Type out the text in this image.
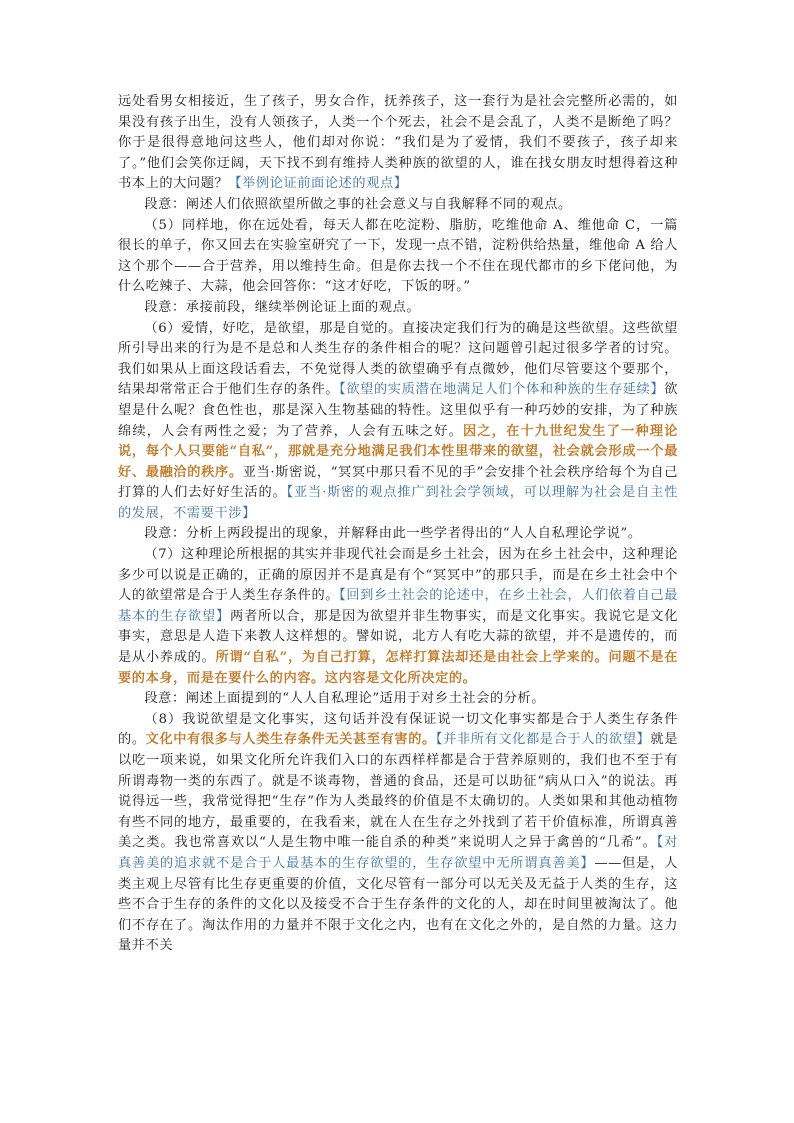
远处看男女相接近，生了孩子，男女合作，抚养孩子，这一套行为是社会完整所必需的，如果没有孩子出生，没有人领孩子，人类一个个死去，社会不是会乱了，人类不是断绝了吗？你于是很得意地问这些人，他们却对你说：“我们是为了爱情，我们不要孩子，孩子却来了。”他们会笑你迂阔，天下找不到有维持人类种族的欲望的人，谁在找女朋友时想得着这种书本上的大问题？【举例论证前面论述的观点】

段意：阐述人们依照欲望所做之事的社会意义与自我解释不同的观点。

（5）同样地，你在远处看，每天人都在吃淀粉、脂肪，吃维他命 A、维他命 C，一篇很长的单子，你又回去在实验室研究了一下，发现一点不错，淀粉供给热量，维他命 A 给人这个那个——合于营养，用以维持生命。但是你去找一个不住在现代都市的乡下佬问他，为什么吃辣子、大蒜，他会回答你：“这才好吃，下饭的呀。”

段意：承接前段，继续举例论证上面的观点。

（6）爱情，好吃，是欲望，那是自觉的。直接决定我们行为的确是这些欲望。这些欲望所引导出来的行为是不是总和人类生存的条件相合的呢？这问题曾引起过很多学者的讨究。我们如果从上面这段话看去，不免觉得人类的欲望确乎有点微妙，他们尽管要这个要那个，结果却常常正合于他们生存的条件。【欲望的实质潜在地满足人们个体和种族的生存延续】欲望是什么呢？食色性也，那是深入生物基础的特性。这里似乎有一种巧妙的安排，为了种族绵续，人会有两性之爱；为了营养，人会有五味之好。因之，在十九世纪发生了一种理论说，每个人只要能“自私”，那就是充分地满足我们本性里带来的欲望，社会就会形成一个最好、最融洽的秩序。亚当·斯密说，“冥冥中那只看不见的手”会安排个社会秩序给每个为自己打算的人们去好好生活的。【亚当·斯密的观点推广到社会学领域，可以理解为社会是自主性的发展，不需要干涉】

段意：分析上两段提出的现象，并解释由此一些学者得出的“人人自私理论学说”。

（7）这种理论所根据的其实并非现代社会而是乡土社会，因为在乡土社会中，这种理论多少可以说是正确的，正确的原因并不是真是有个“冥冥中”的那只手，而是在乡土社会中个人的欲望常是合于人类生存条件的。【回到乡土社会的论述中，在乡土社会，人们依着自己最基本的生存欲望】两者所以合，那是因为欲望并非生物事实，而是文化事实。我说它是文化事实，意思是人造下来教人这样想的。譬如说，北方人有吃大蒜的欲望，并不是遗传的，而是从小养成的。所谓“自私”，为自己打算，怎样打算法却还是由社会上学来的。问题不是在要的本身，而是在要什么的内容。这内容是文化所决定的。

段意：阐述上面提到的“人人自私理论”适用于对乡土社会的分析。

（8）我说欲望是文化事实，这句话并没有保证说一切文化事实都是合于人类生存条件的。文化中有很多与人类生存条件无关甚至有害的。【并非所有文化都是合于人的欲望】就是以吃一项来说，如果文化所允许我们入口的东西样样都是合于营养原则的，我们也不至于有所谓毒物一类的东西了。就是不谈毒物，普通的食品，还是可以助征“病从口入”的说法。再说得远一些，我常觉得把“生存”作为人类最终的价值是不太确切的。人类如果和其他动植物有些不同的地方，最重要的，在我看来，就在人在生存之外找到了若干价值标准，所谓真善美之类。我也常喜欢以“人是生物中唯一能自杀的种类”来说明人之异于禽兽的“几希”。【对真善美的追求就不是合于人最基本的生存欲望的，生存欲望中无所谓真善美】——但是，人类主观上尽管有比生存更重要的价值，文化尽管有一部分可以无关及无益于人类的生存，这些不合于生存的条件的文化以及接受不合于生存条件的文化的人，却在时间里被淘汰了。他们不存在了。淘汰作用的力量并不限于文化之内，也有在文化之外的，是自然的力量。这力量并不关
